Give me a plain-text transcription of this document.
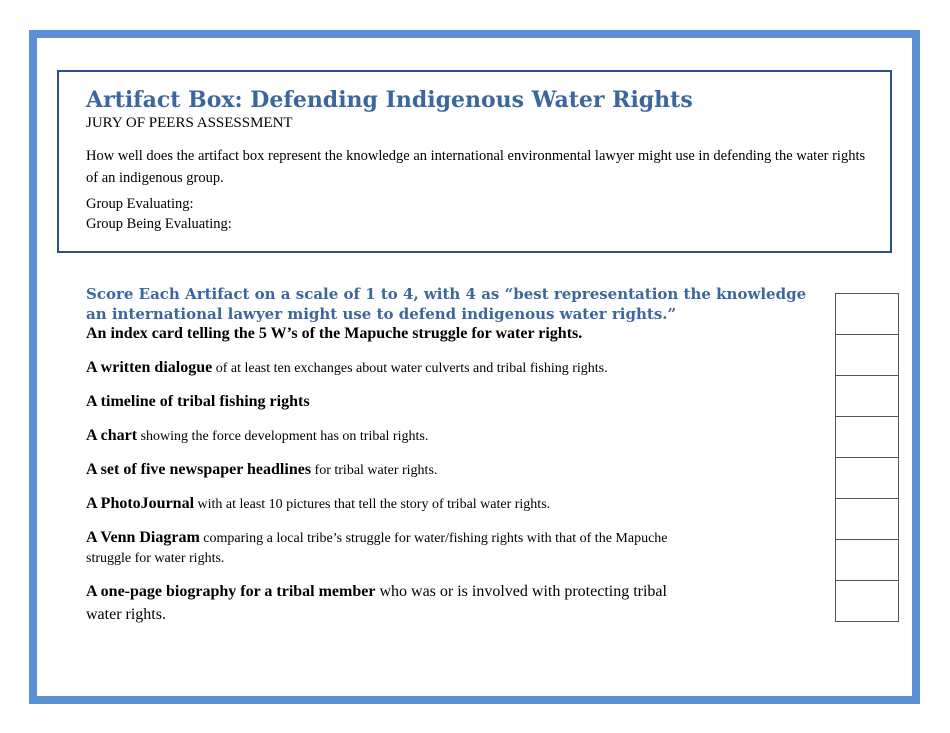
Artifact Box: Defending Indigenous Water Rights
JURY OF PEERS ASSESSMENT
How well does the artifact box represent the knowledge an international environmental lawyer might use in defending the water rights of an indigenous group.
Group Evaluating:
Group Being Evaluating:
Score Each Artifact on a scale of 1 to 4, with 4 as “best representation the knowledge an international lawyer might use to defend indigenous water rights.”
An index card telling the 5 W’s of the Mapuche struggle for water rights.
A written dialogue of at least ten exchanges about water culverts and tribal fishing rights.
A timeline of tribal fishing rights
A chart showing the force development has on tribal rights.
A set of five newspaper headlines for tribal water rights.
A PhotoJournal with at least 10 pictures that tell the story of tribal water rights.
A Venn Diagram comparing a local tribe’s struggle for water/fishing rights with that of the Mapuche struggle for water rights.
A one-page biography for a tribal member who was or is involved with protecting tribal water rights.
